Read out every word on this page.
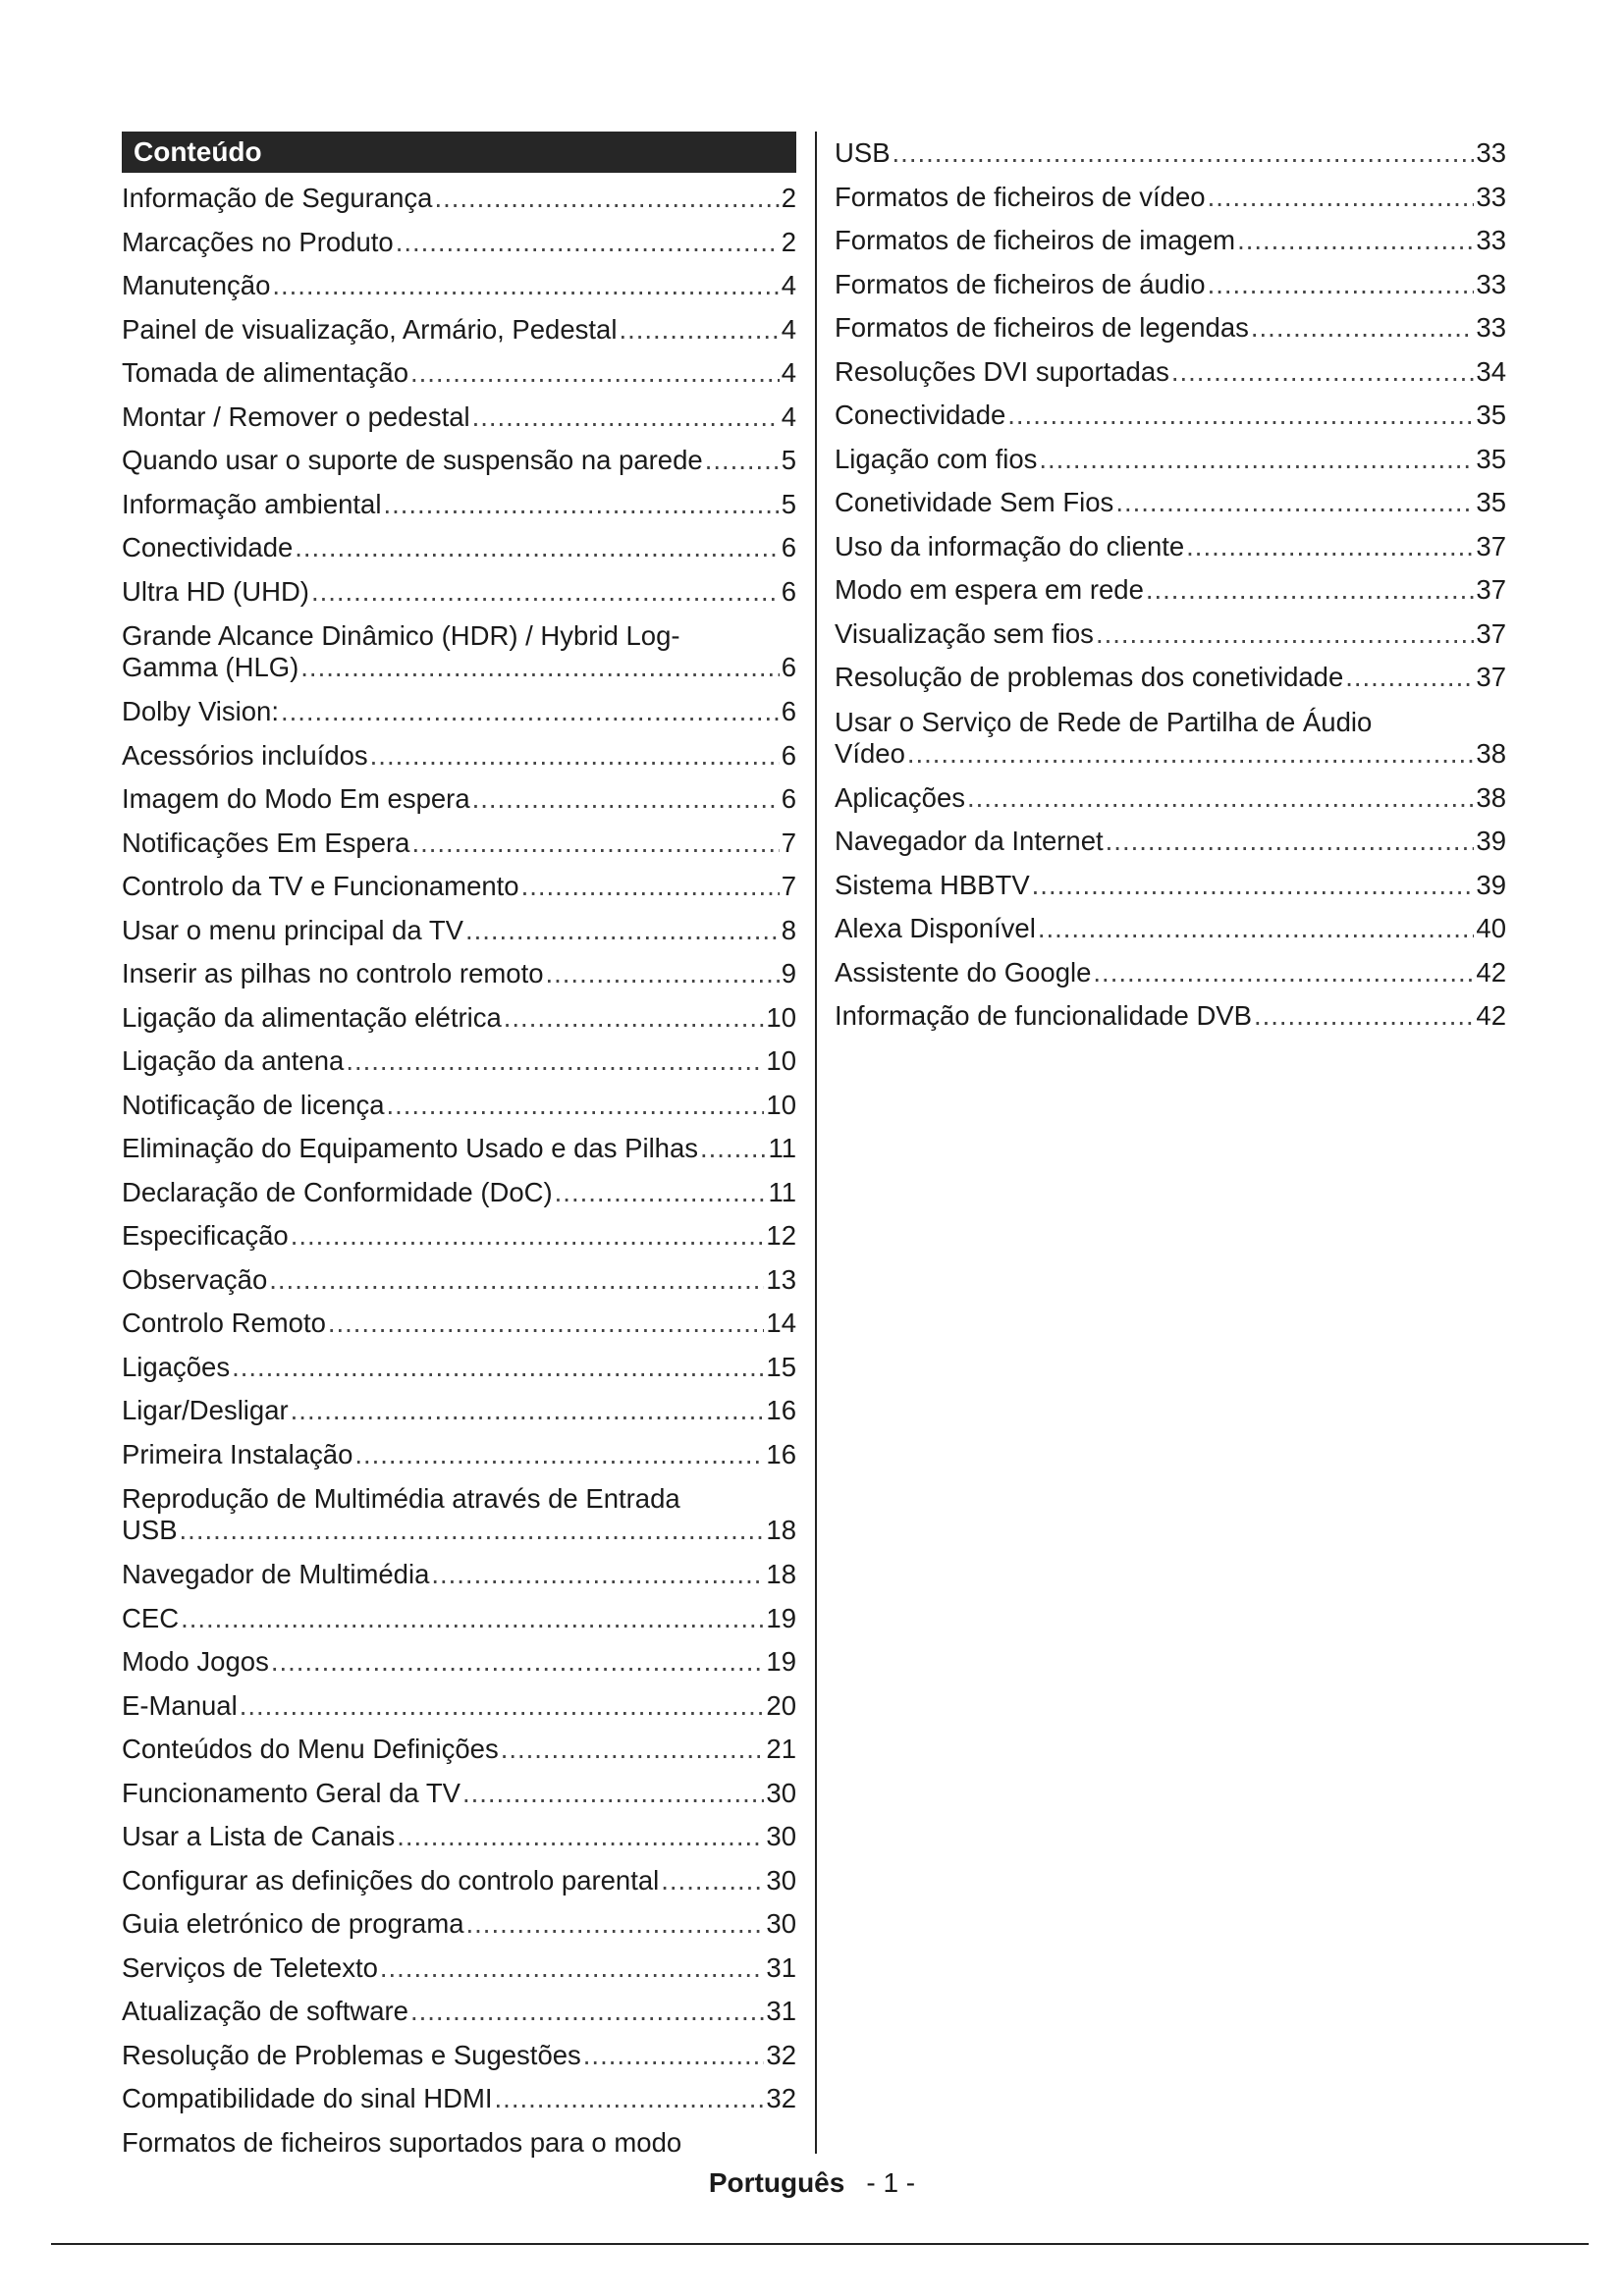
Conteúdo
Informação de Segurança .....	2
Marcações no Produto .....	2
Manutenção .....	4
Painel de visualização, Armário, Pedestal .....	4
Tomada de alimentação .....	4
Montar / Remover o pedestal .....	4
Quando usar o suporte de suspensão na parede .....	5
Informação ambiental .....	5
Conectividade .....	6
Ultra HD (UHD) .....	6
Grande Alcance Dinâmico (HDR) / Hybrid Log-
Gamma (HLG) .....	6
Dolby Vision: .....	6
Acessórios incluídos .....	6
Imagem do Modo Em espera .....	6
Notificações Em Espera .....	7
Controlo da TV e Funcionamento .....	7
Usar o menu principal da TV .....	8
Inserir as pilhas no controlo remoto .....	9
Ligação da alimentação elétrica .....	10
Ligação da antena .....	10
Notificação de licença .....	10
Eliminação do Equipamento Usado e das Pilhas .....	11
Declaração de Conformidade (DoC) .....	11
Especificação .....	12
Observação .....	13
Controlo Remoto .....	14
Ligações .....	15
Ligar/Desligar .....	16
Primeira Instalação .....	16
Reprodução de Multimédia através de Entrada
USB .....	18
Navegador de Multimédia .....	18
CEC .....	19
Modo Jogos .....	19
E-Manual .....	20
Conteúdos do Menu Definições .....	21
Funcionamento Geral da TV .....	30
Usar a Lista de Canais .....	30
Configurar as definições do controlo parental .....	30
Guia eletrónico de programa .....	30
Serviços de Teletexto .....	31
Atualização de software .....	31
Resolução de Problemas e Sugestões .....	32
Compatibilidade do sinal HDMI .....	32
Formatos de ficheiros suportados para o modo
USB .....	33
Formatos de ficheiros de vídeo .....	33
Formatos de ficheiros de imagem .....	33
Formatos de ficheiros de áudio .....	33
Formatos de ficheiros de legendas .....	33
Resoluções DVI suportadas .....	34
Conectividade .....	35
Ligação com fios .....	35
Conetividade Sem Fios .....	35
Uso da informação do cliente .....	37
Modo em espera em rede .....	37
Visualização sem fios .....	37
Resolução de problemas dos conetividade .....	37
Usar o Serviço de Rede de Partilha de Áudio
Vídeo .....	38
Aplicações .....	38
Navegador da Internet .....	39
Sistema HBBTV .....	39
Alexa Disponível .....	40
Assistente do Google .....	42
Informação de funcionalidade DVB .....	42
Português - 1 -
